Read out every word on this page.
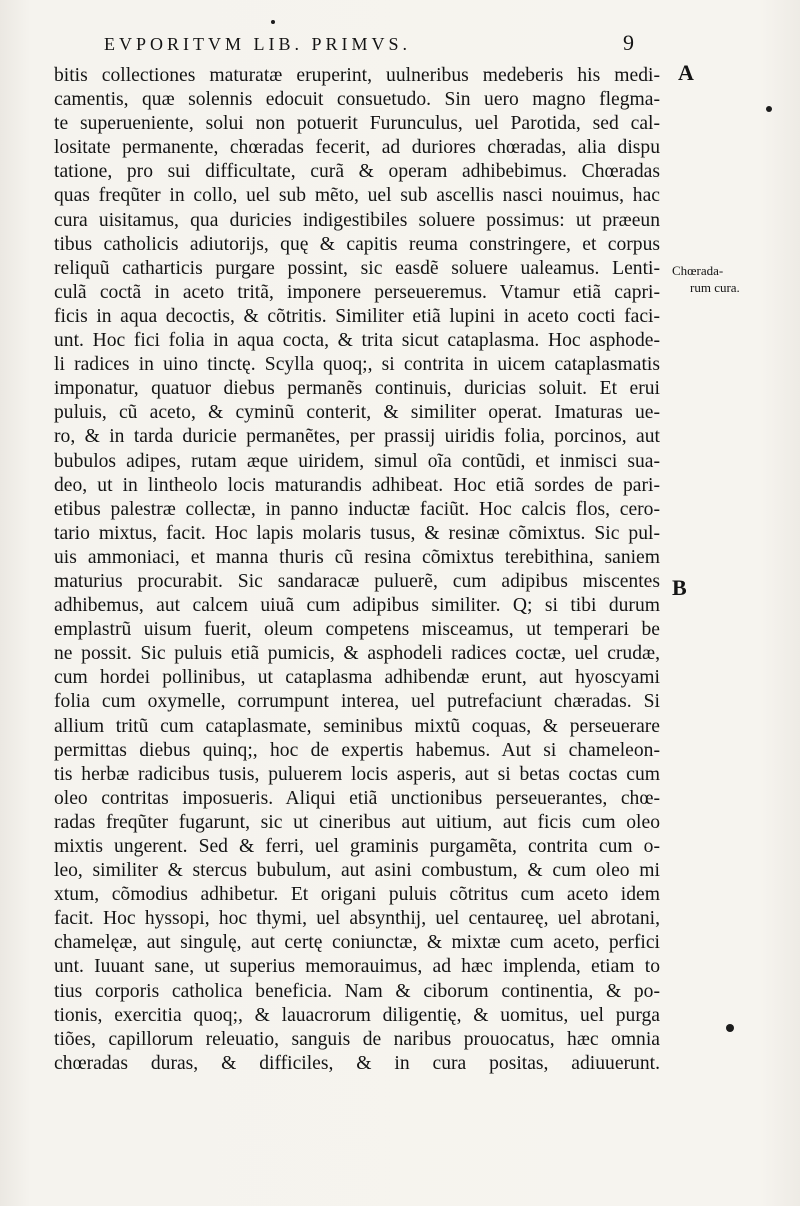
EVPORITVM LIB. PRIMVS.	9
A
B
Chœrada-
rum cura.
bitis collectiones maturatæ eruperint, uulneribus medeberis his medi-
camentis, quæ solennis edocuit consuetudo. Sin uero magno flegma-
te superueniente, solui non potuerit Furunculus, uel Parotida, sed cal-
lositate permanente, chœradas fecerit, ad duriores chœradas, alia dispu
tatione, pro sui difficultate, curã & operam adhibebimus. Chœradas
quas freqũter in collo, uel sub mẽto, uel sub ascellis nasci nouimus, hac
cura uisitamus, qua duricies indigestibiles soluere possimus: ut præeun
tibus catholicis adiutorijs, quę & capitis reuma constringere, et corpus
reliquũ catharticis purgare possint, sic easdẽ soluere ualeamus. Lenti-
culã coctã in aceto tritã, imponere perseueremus. Vtamur etiã capri-
ficis in aqua decoctis, & cõtritis. Similiter etiã lupini in aceto cocti faci-
unt. Hoc fici folia in aqua cocta, & trita sicut cataplasma. Hoc asphode-
li radices in uino tinctę. Scylla quoq;, si contrita in uicem cataplasmatis
imponatur, quatuor diebus permanẽs continuis, duricias soluit. Et erui
puluis, cũ aceto, & cyminũ conterit, & similiter operat. Imaturas ue-
ro, & in tarda duricie permanẽtes, per prassij uiridis folia, porcinos, aut
bubulos adipes, rutam æque uiridem, simul oĩa contũdi, et inmisci sua-
deo, ut in lintheolo locis maturandis adhibeat. Hoc etiã sordes de pari-
etibus palestræ collectæ, in panno inductæ faciũt. Hoc calcis flos, cero-
tario mixtus, facit. Hoc lapis molaris tusus, & resinæ cõmixtus. Sic pul-
uis ammoniaci, et manna thuris cũ resina cõmixtus terebithina, saniem
maturius procurabit. Sic sandaracæ puluerẽ, cum adipibus miscentes
adhibemus, aut calcem uiuã cum adipibus similiter. Q; si tibi durum
emplastrũ uisum fuerit, oleum competens misceamus, ut temperari be
ne possit. Sic puluis etiã pumicis, & asphodeli radices coctæ, uel crudæ,
cum hordei pollinibus, ut cataplasma adhibendæ erunt, aut hyoscyami
folia cum oxymelle, corrumpunt interea, uel putrefaciunt chæradas. Si
allium tritũ cum cataplasmate, seminibus mixtũ coquas, & perseuerare
permittas diebus quinq;, hoc de expertis habemus. Aut si chameleon-
tis herbæ radicibus tusis, puluerem locis asperis, aut si betas coctas cum
oleo contritas imposueris. Aliqui etiã unctionibus perseuerantes, chœ-
radas freqũter fugarunt, sic ut cineribus aut uitium, aut ficis cum oleo
mixtis ungerent. Sed & ferri, uel graminis purgamẽta, contrita cum o-
leo, similiter & stercus bubulum, aut asini combustum, & cum oleo mi
xtum, cõmodius adhibetur. Et origani puluis cõtritus cum aceto idem
facit. Hoc hyssopi, hoc thymi, uel absynthij, uel centaureę, uel abrotani,
chamelęæ, aut singulę, aut certę coniunctæ, & mixtæ cum aceto, perfici
unt. Iuuant sane, ut superius memorauimus, ad hæc implenda, etiam to
tius corporis catholica beneficia. Nam & ciborum continentia, & po-
tionis, exercitia quoq;, & lauacrorum diligentię, & uomitus, uel purga
tiões, capillorum releuatio, sanguis de naribus prouocatus, hæc omnia
chœradas duras, & difficiles, & in cura positas, adiuuerunt.
